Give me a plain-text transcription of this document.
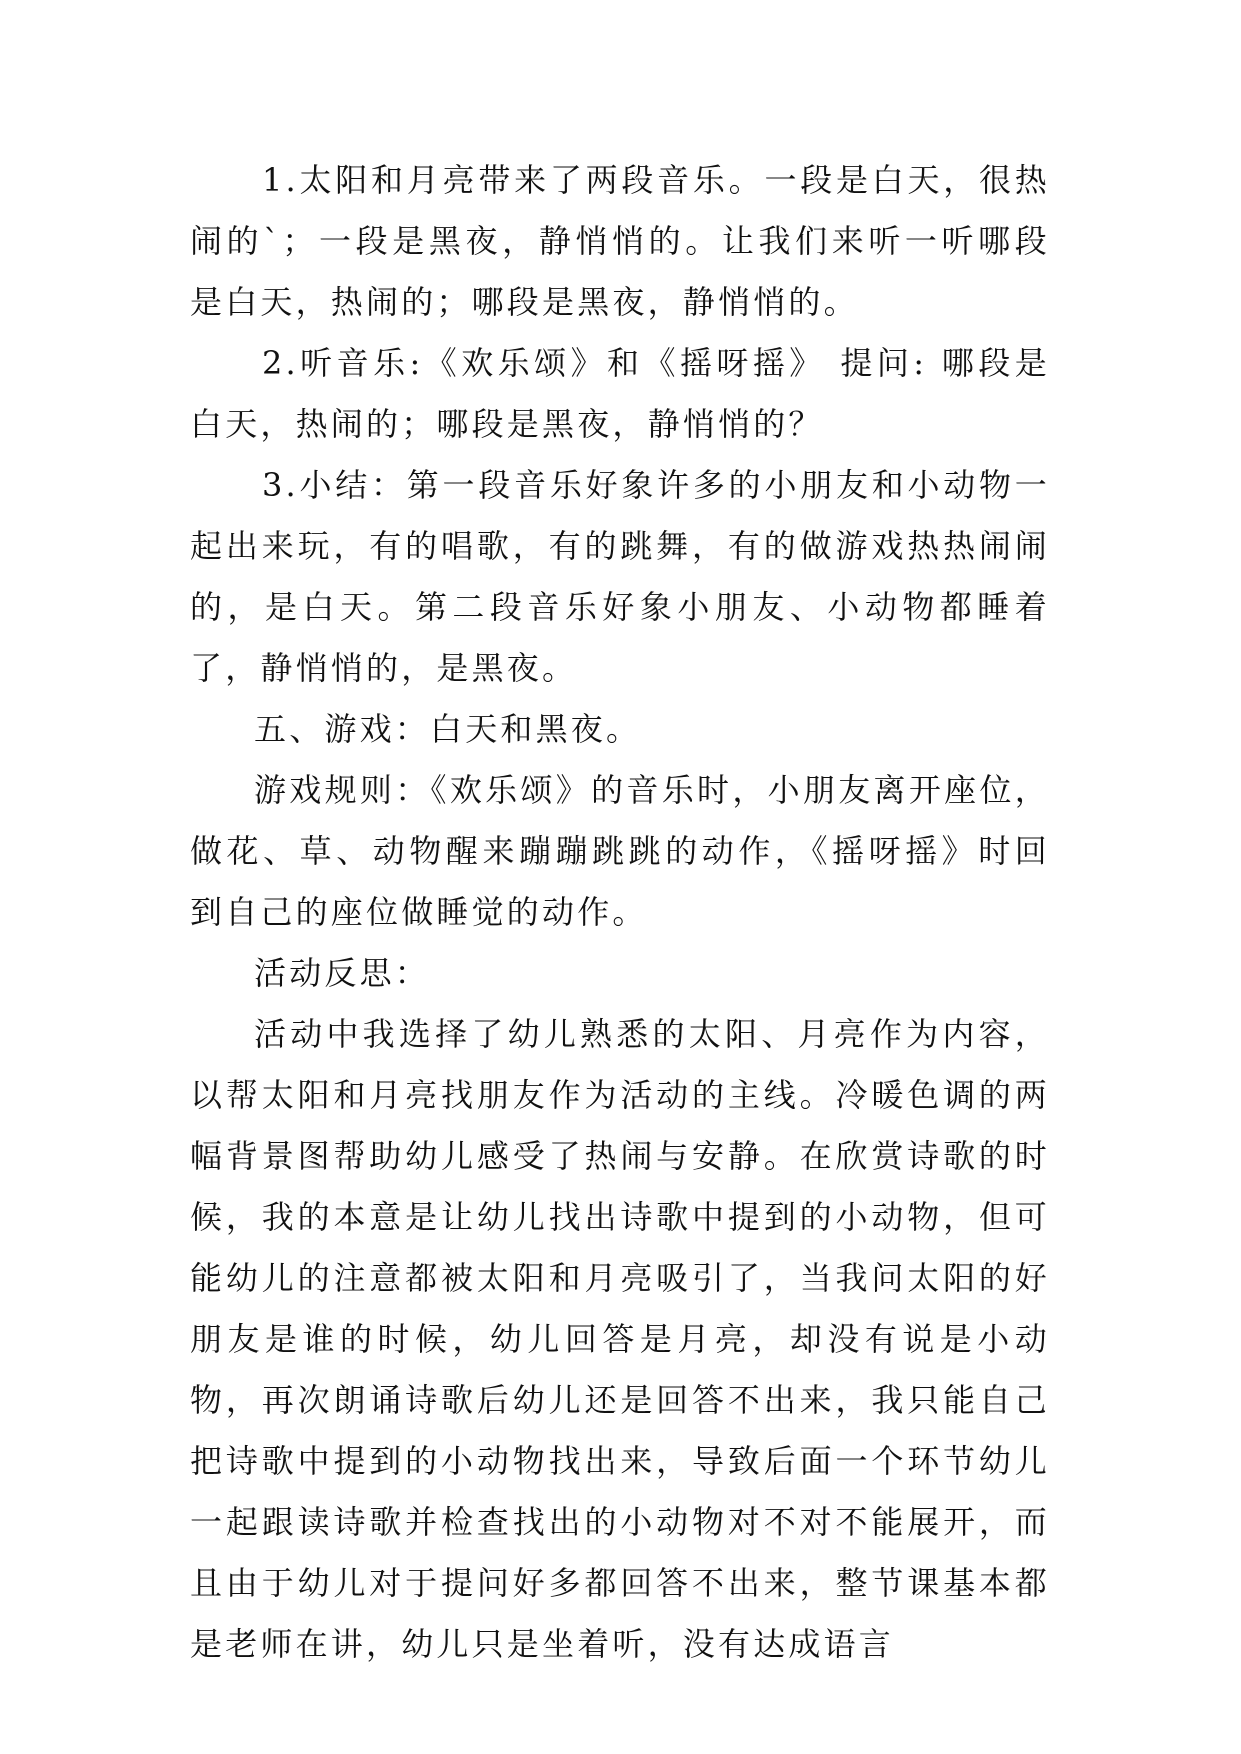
1.太阳和月亮带来了两段音乐。一段是白天，很热闹的`；一段是黑夜，静悄悄的。让我们来听一听哪段是白天，热闹的；哪段是黑夜，静悄悄的。

2.听音乐:《欢乐颂》和《摇呀摇》 提问: 哪段是白天，热闹的；哪段是黑夜，静悄悄的？

3.小结：第一段音乐好象许多的小朋友和小动物一起出来玩，有的唱歌，有的跳舞，有的做游戏热热闹闹的，是白天。第二段音乐好象小朋友、小动物都睡着了，静悄悄的，是黑夜。

五、游戏：白天和黑夜。

游戏规则：《欢乐颂》的音乐时，小朋友离开座位，做花、草、动物醒来蹦蹦跳跳的动作，《摇呀摇》时回到自己的座位做睡觉的动作。

活动反思：

活动中我选择了幼儿熟悉的太阳、月亮作为内容，以帮太阳和月亮找朋友作为活动的主线。冷暖色调的两幅背景图帮助幼儿感受了热闹与安静。在欣赏诗歌的时候，我的本意是让幼儿找出诗歌中提到的小动物，但可能幼儿的注意都被太阳和月亮吸引了，当我问太阳的好朋友是谁的时候，幼儿回答是月亮，却没有说是小动物，再次朗诵诗歌后幼儿还是回答不出来，我只能自己把诗歌中提到的小动物找出来，导致后面一个环节幼儿一起跟读诗歌并检查找出的小动物对不对不能展开，而且由于幼儿对于提问好多都回答不出来，整节课基本都是老师在讲，幼儿只是坐着听，没有达成语言
